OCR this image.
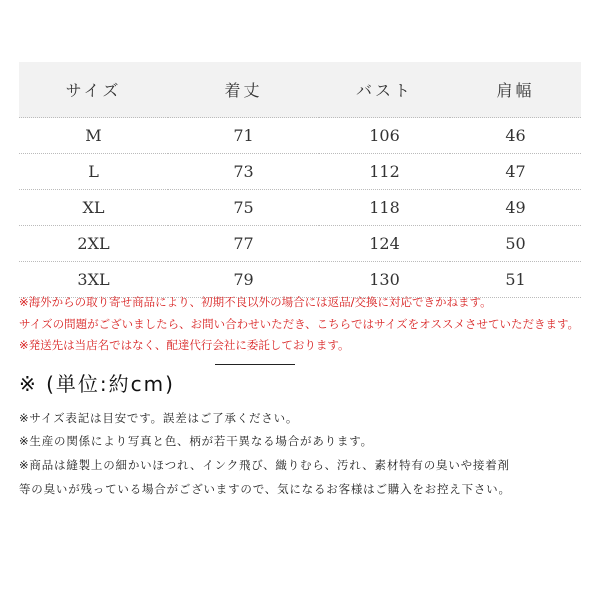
サイズ	着丈	バスト	肩幅
M	71	106	46
L	73	112	47
XL	75	118	49
2XL	77	124	50
3XL	79	130	51
※海外からの取り寄せ商品により、初期不良以外の場合には返品/交換に対応できかねます。
サイズの問題がございましたら、お問い合わせいただき、こちらではサイズをオススメさせていただきます。
※発送先は当店名ではなく、配達代行会社に委託しております。
※ (単位:約cm)
※サイズ表記は目安です。誤差はご了承ください。
※生産の関係により写真と色、柄が若干異なる場合があります。
※商品は縫製上の細かいほつれ、インク飛び、織りむら、汚れ、素材特有の臭いや接着剤
等の臭いが残っている場合がございますので、気になるお客様はご購入をお控え下さい。
